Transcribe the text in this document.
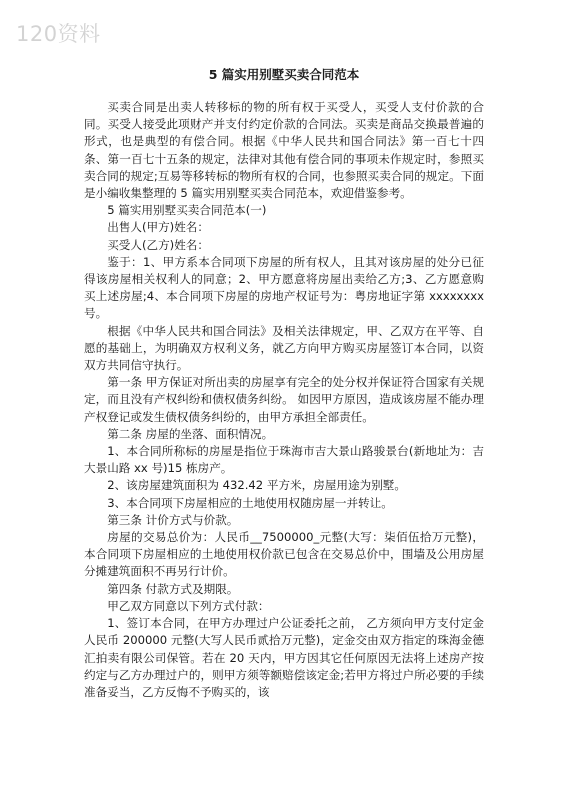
120资料
5 篇实用别墅买卖合同范本

买卖合同是出卖人转移标的物的所有权于买受人，买受人支付价款的合同。买受人接受此项财产并支付约定价款的合同法。买卖是商品交换最普遍的形式，也是典型的有偿合同。根据《中华人民共和国合同法》第一百七十四条、第一百七十五条的规定，法律对其他有偿合同的事项未作规定时，参照买卖合同的规定;互易等移转标的物所有权的合同，也参照买卖合同的规定。下面是小编收集整理的 5 篇实用别墅买卖合同范本，欢迎借鉴参考。

5 篇实用别墅买卖合同范本(一)

出售人(甲方)姓名：

买受人(乙方)姓名：

鉴于：1、甲方系本合同项下房屋的所有权人，且其对该房屋的处分已征得该房屋相关权利人的同意；2、甲方愿意将房屋出卖给乙方;3、乙方愿意购买上述房屋;4、本合同项下房屋的房地产权证号为：粤房地证字第 xxxxxxxx 号。

根据《中华人民共和国合同法》及相关法律规定，甲、乙双方在平等、自愿的基础上，为明确双方权利义务，就乙方向甲方购买房屋签订本合同，以资双方共同信守执行。

第一条 甲方保证对所出卖的房屋享有完全的处分权并保证符合国家有关规定，而且没有产权纠纷和债权债务纠纷。 如因甲方原因，造成该房屋不能办理产权登记或发生债权债务纠纷的，由甲方承担全部责任。

第二条 房屋的坐落、面积情况。

1、本合同所称标的房屋是指位于珠海市吉大景山路骏景台(新地址为：吉大景山路 xx 号)15 栋房产。

2、该房屋建筑面积为 432.42 平方米，房屋用途为别墅。

3、本合同项下房屋相应的土地使用权随房屋一并转让。

第三条 计价方式与价款。

房屋的交易总价为：人民币__7500000_元整(大写：柒佰伍拾万元整)，本合同项下房屋相应的土地使用权价款已包含在交易总价中，围墙及公用房屋分摊建筑面积不再另行计价。

第四条 付款方式及期限。

甲乙双方同意以下列方式付款：

1、签订本合同，在甲方办理过户公证委托之前， 乙方须向甲方支付定金人民币 200000 元整(大写人民币贰拾万元整)，定金交由双方指定的珠海金德汇拍卖有限公司保管。若在 20 天内，甲方因其它任何原因无法将上述房产按约定与乙方办理过户的，则甲方须等额赔偿该定金;若甲方将过户所必要的手续准备妥当，乙方反悔不予购买的，该
